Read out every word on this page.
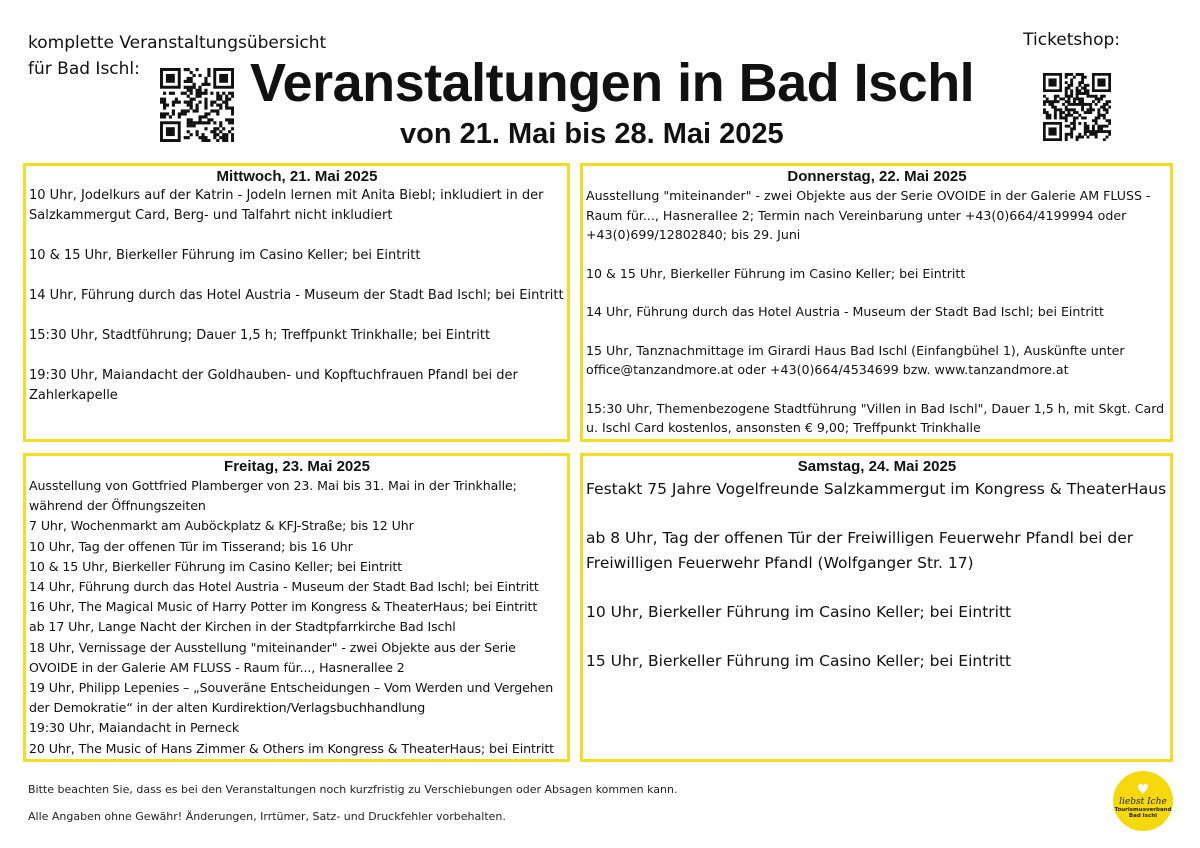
komplette Veranstaltungsübersicht
für Bad Ischl:	Veranstaltungen in Bad Ischl
von 21. Mai bis 28. Mai 2025
Ticketshop:
Mittwoch, 21. Mai 2025

10 Uhr, Jodelkurs auf der Katrin - Jodeln lernen mit Anita Biebl; inkludiert in der Salzkammergut Card, Berg- und Talfahrt nicht inkludiert

10 & 15 Uhr, Bierkeller Führung im Casino Keller; bei Eintritt

14 Uhr, Führung durch das Hotel Austria - Museum der Stadt Bad Ischl; bei Eintritt

15:30 Uhr, Stadtführung; Dauer 1,5 h; Treffpunkt Trinkhalle; bei Eintritt

19:30 Uhr, Maiandacht der Goldhauben- und Kopftuchfrauen Pfandl bei der Zahlerkapelle

Donnerstag, 22. Mai 2025

Ausstellung "miteinander" - zwei Objekte aus der Serie OVOIDE in der Galerie AM FLUSS - Raum für..., Hasnerallee 2; Termin nach Vereinbarung unter +43(0)664/4199994 oder +43(0)699/12802840; bis 29. Juni

10 & 15 Uhr, Bierkeller Führung im Casino Keller; bei Eintritt

14 Uhr, Führung durch das Hotel Austria - Museum der Stadt Bad Ischl; bei Eintritt

15 Uhr, Tanznachmittage im Girardi Haus Bad Ischl (Einfangbühel 1), Auskünfte unter office@tanzandmore.at oder +43(0)664/4534699 bzw. www.tanzandmore.at

15:30 Uhr, Themenbezogene Stadtführung "Villen in Bad Ischl", Dauer 1,5 h, mit Skgt. Card u. Ischl Card kostenlos, ansonsten € 9,00; Treffpunkt Trinkhalle

Freitag, 23. Mai 2025

Ausstellung von Gottfried Plamberger von 23. Mai bis 31. Mai in der Trinkhalle; während der Öffnungszeiten

7 Uhr, Wochenmarkt am Auböckplatz & KFJ-Straße; bis 12 Uhr

10 Uhr, Tag der offenen Tür im Tisserand; bis 16 Uhr

10 & 15 Uhr, Bierkeller Führung im Casino Keller; bei Eintritt

14 Uhr, Führung durch das Hotel Austria - Museum der Stadt Bad Ischl; bei Eintritt

16 Uhr, The Magical Music of Harry Potter im Kongress & TheaterHaus; bei Eintritt

ab 17 Uhr, Lange Nacht der Kirchen in der Stadtpfarrkirche Bad Ischl

18 Uhr, Vernissage der Ausstellung "miteinander" - zwei Objekte aus der Serie OVOIDE in der Galerie AM FLUSS - Raum für..., Hasnerallee 2

19 Uhr, Philipp Lepenies – „Souveräne Entscheidungen – Vom Werden und Vergehen der Demokratie“ in der alten Kurdirektion/Verlagsbuchhandlung

19:30 Uhr, Maiandacht in Perneck

20 Uhr, The Music of Hans Zimmer & Others im Kongress & TheaterHaus; bei Eintritt

Samstag, 24. Mai 2025

Festakt 75 Jahre Vogelfreunde Salzkammergut im Kongress & TheaterHaus

ab 8 Uhr, Tag der offenen Tür der Freiwilligen Feuerwehr Pfandl bei der Freiwilligen Feuerwehr Pfandl (Wolfganger Str. 17)

10 Uhr, Bierkeller Führung im Casino Keller; bei Eintritt

15 Uhr, Bierkeller Führung im Casino Keller; bei Eintritt

Bitte beachten Sie, dass es bei den Veranstaltungen noch kurzfristig zu Verschiebungen oder Absagen kommen kann.
Alle Angaben ohne Gewähr! Änderungen, Irrtümer, Satz- und Druckfehler vorbehalten.
♥
liebst Iche
Tourismusverband
Bad Ischl
